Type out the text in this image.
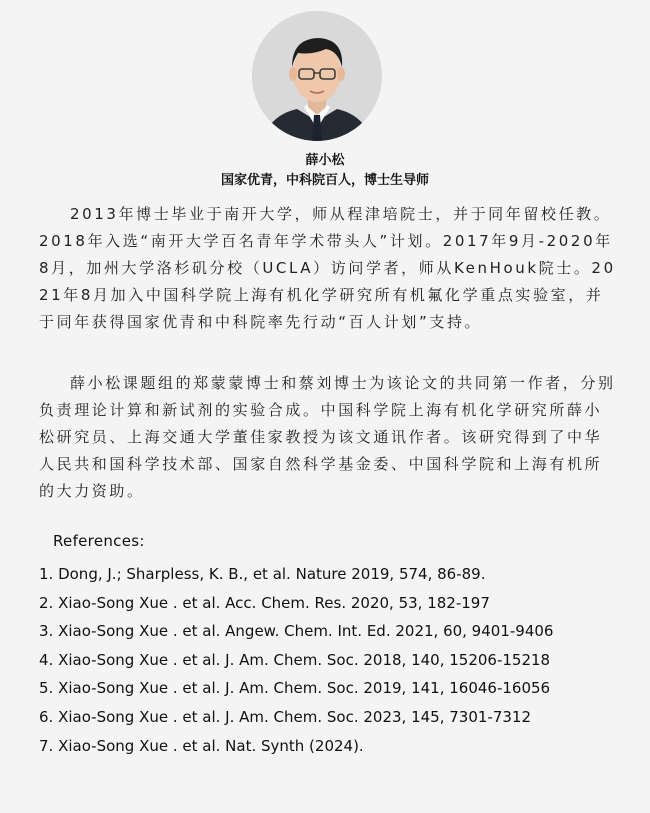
薛小松
国家优青，中科院百人，博士生导师

2013年博士毕业于南开大学，师从程津培院士，并于同年留校任教。2018年入选“南开大学百名青年学术带头人”计划。2017年9月-2020年8月，加州大学洛杉矶分校（UCLA）访问学者，师从KenHouk院士。2021年8月加入中国科学院上海有机化学研究所有机氟化学重点实验室，并于同年获得国家优青和中科院率先行动“百人计划”支持。

薛小松课题组的郑蒙蒙博士和蔡刘博士为该论文的共同第一作者，分别负责理论计算和新试剂的实验合成。中国科学院上海有机化学研究所薛小松研究员、上海交通大学董佳家教授为该文通讯作者。该研究得到了中华人民共和国科学技术部、国家自然科学基金委、中国科学院和上海有机所的大力资助。

References:
1. Dong, J.; Sharpless, K. B., et al. Nature 2019, 574, 86-89.
2. Xiao-Song Xue . et al. Acc. Chem. Res. 2020, 53, 182-197
3. Xiao-Song Xue . et al. Angew. Chem. Int. Ed. 2021, 60, 9401-9406
4. Xiao-Song Xue . et al. J. Am. Chem. Soc. 2018, 140, 15206-15218
5. Xiao-Song Xue . et al. J. Am. Chem. Soc. 2019, 141, 16046-16056
6. Xiao-Song Xue . et al. J. Am. Chem. Soc. 2023, 145, 7301-7312
7. Xiao-Song Xue . et al. Nat. Synth (2024).
